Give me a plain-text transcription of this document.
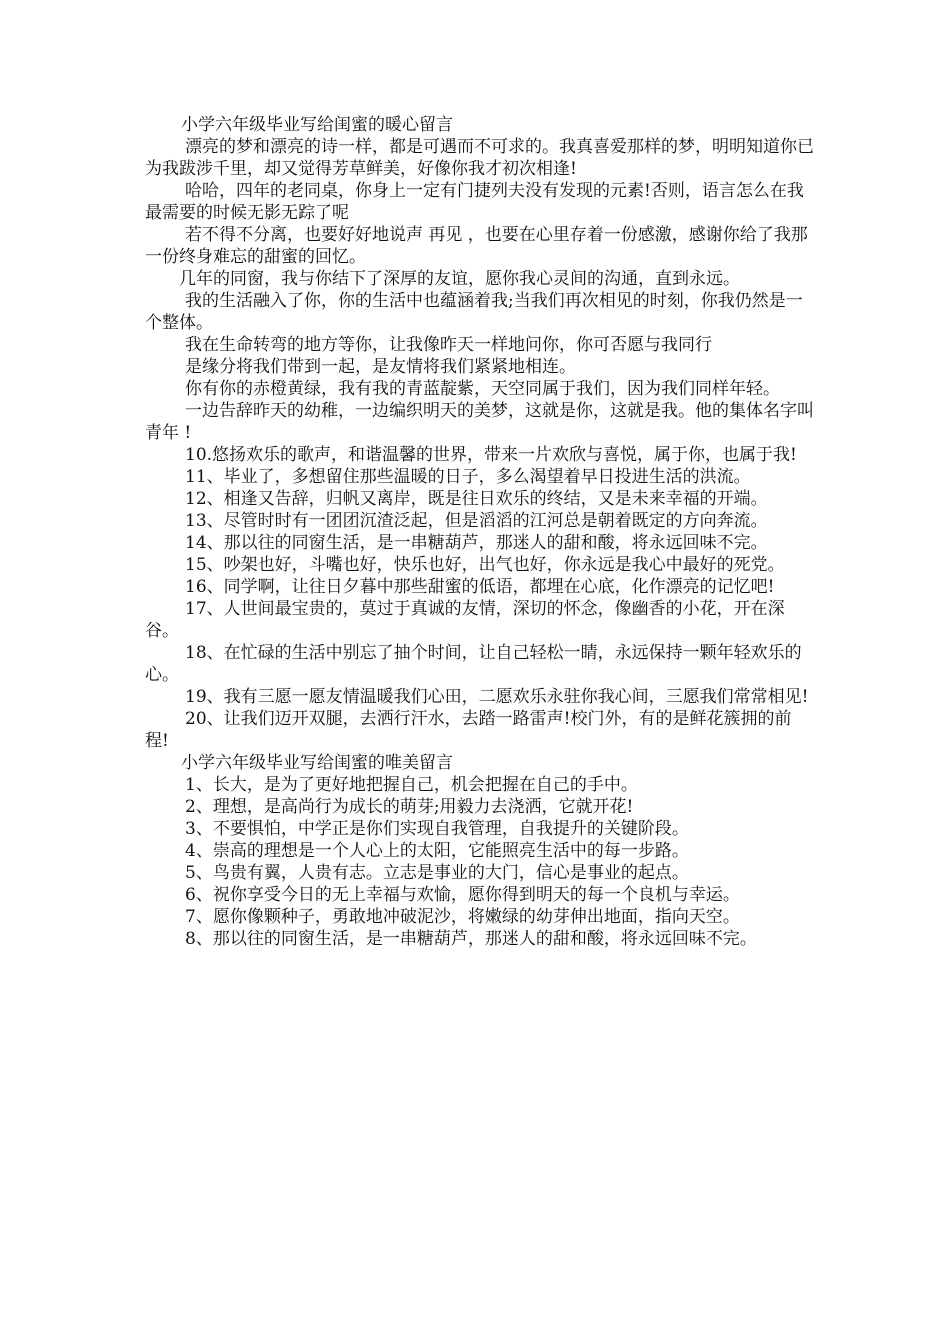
小学六年级毕业写给闺蜜的暖心留言

漂亮的梦和漂亮的诗一样，都是可遇而不可求的。我真喜爱那样的梦，明明知道你已为我跋涉千里，却又觉得芳草鲜美，好像你我才初次相逢!

哈哈，四年的老同桌，你身上一定有门捷列夫没有发现的元素!否则，语言怎么在我最需要的时候无影无踪了呢

若不得不分离，也要好好地说声 再见 ，也要在心里存着一份感激，感谢你给了我那一份终身难忘的甜蜜的回忆。

几年的同窗，我与你结下了深厚的友谊，愿你我心灵间的沟通，直到永远。

我的生活融入了你，你的生活中也蕴涵着我;当我们再次相见的时刻，你我仍然是一个整体。

我在生命转弯的地方等你，让我像昨天一样地问你，你可否愿与我同行

是缘分将我们带到一起，是友情将我们紧紧地相连。

你有你的赤橙黄绿，我有我的青蓝靛紫，天空同属于我们，因为我们同样年轻。

一边告辞昨天的幼稚，一边编织明天的美梦，这就是你，这就是我。他的集体名字叫 青年 !

10.悠扬欢乐的歌声，和谐温馨的世界，带来一片欢欣与喜悦，属于你，也属于我!

11、毕业了，多想留住那些温暖的日子，多么渴望着早日投进生活的洪流。

12、相逢又告辞，归帆又离岸，既是往日欢乐的终结，又是未来幸福的开端。

13、尽管时时有一团团沉渣泛起，但是滔滔的江河总是朝着既定的方向奔流。

14、那以往的同窗生活，是一串糖葫芦，那迷人的甜和酸，将永远回味不完。

15、吵架也好，斗嘴也好，快乐也好，出气也好，你永远是我心中最好的死党。

16、同学啊，让往日夕暮中那些甜蜜的低语，都埋在心底，化作漂亮的记忆吧!

17、人世间最宝贵的，莫过于真诚的友情，深切的怀念，像幽香的小花，开在深谷。

18、在忙碌的生活中别忘了抽个时间，让自己轻松一睛，永远保持一颗年轻欢乐的心。

19、我有三愿一愿友情温暖我们心田，二愿欢乐永驻你我心间，三愿我们常常相见!

20、让我们迈开双腿，去洒行汗水，去踏一路雷声!校门外，有的是鲜花簇拥的前程!

小学六年级毕业写给闺蜜的唯美留言

1、长大，是为了更好地把握自己，机会把握在自己的手中。

2、理想，是高尚行为成长的萌芽;用毅力去浇洒，它就开花!

3、不要惧怕，中学正是你们实现自我管理，自我提升的关键阶段。

4、崇高的理想是一个人心上的太阳，它能照亮生活中的每一步路。

5、鸟贵有翼，人贵有志。立志是事业的大门，信心是事业的起点。

6、祝你享受今日的无上幸福与欢愉，愿你得到明天的每一个良机与幸运。

7、愿你像颗种子，勇敢地冲破泥沙，将嫩绿的幼芽伸出地面，指向天空。

8、那以往的同窗生活，是一串糖葫芦，那迷人的甜和酸，将永远回味不完。
